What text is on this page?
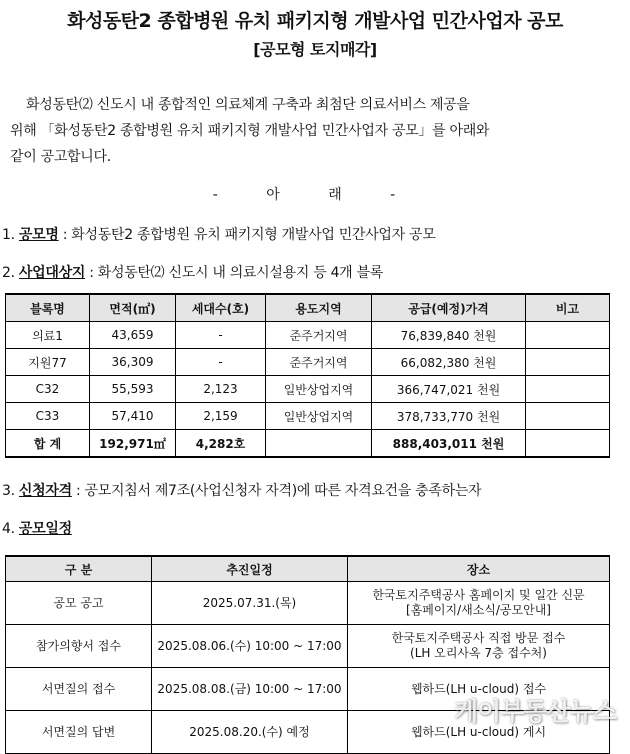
화성동탄2 종합병원 유치 패키지형 개발사업 민간사업자 공모
[공모형 토지매각]

화성동탄⑵ 신도시 내 종합적인 의료체계 구축과 최첨단 의료서비스 제공을

위해 「화성동탄2 종합병원 유치 패키지형 개발사업 민간사업자 공모」를 아래와

같이 공고합니다.

- 아 래 -
1. 공모명 : 화성동탄2 종합병원 유치 패키지형 개발사업 민간사업자 공모
2. 사업대상지 : 화성동탄⑵ 신도시 내 의료시설용지 등 4개 블록
블록명	면적(㎡)	세대수(호)	용도지역	공급(예정)가격	비고
의료1	43,659	-	준주거지역	76,839,840 천원	
지원77	36,309	-	준주거지역	66,082,380 천원	
C32	55,593	2,123	일반상업지역	366,747,021 천원	
C33	57,410	2,159	일반상업지역	378,733,770 천원	
합 계	192,971㎡	4,282호		888,403,011 천원	
3. 신청자격 : 공모지침서 제7조(사업신청자 자격)에 따른 자격요건을 충족하는자
4. 공모일정
구 분	추진일정	장소
공모 공고	2025.07.31.(목)	한국토지주택공사 홈페이지 및 일간 신문
[홈페이지/새소식/공모안내]

참가의향서 접수	2025.08.06.(수) 10:00 ~ 17:00	한국토지주택공사 직접 방문 접수
(LH 오리사옥 7층 접수처)

서면질의 접수	2025.08.08.(금) 10:00 ~ 17:00	웹하드(LH u-cloud) 접수

서면질의 답변	2025.08.20.(수) 예정	웹하드(LH u-cloud) 게시
케이부동산뉴스
